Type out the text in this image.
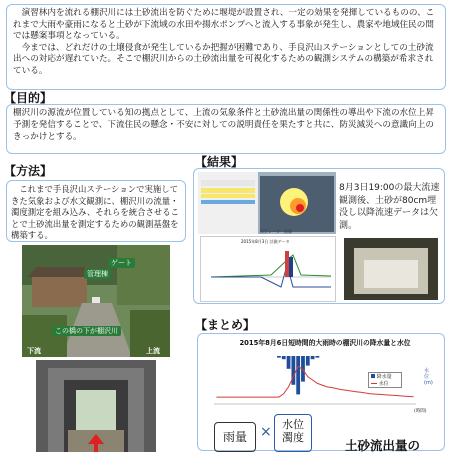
演習林内を流れる棚沢川には土砂流出を防ぐために堰堤が設置され、一定の効果を発揮しているものの、これまで大雨や豪雨になると土砂が下流域の水田や揚水ポンプへと流入する事象が発生し、農家や地域住民の間では懸案事項となっている。

今までは、どれだけの土壌侵食が発生しているか把握が困難であり、手良沢山ステーションとしての土砂流出への対応が遅れていた。そこで棚沢川からの土砂流出量を可視化するための観測システムの構築が希求されている。

【目的】
棚沢川の源流が位置している知の拠点として、上流の気象条件と土砂流出量の関係性の導出や下流の水位上昇予測を発信することで、下流住民の懸念・不安に対しての説明責任を果たすと共に、防災減災への意識向上のきっかけとする。
【方法】
これまで手良沢山ステーションで実施してきた気象および水文観測に、棚沢川の流量・濁度測定を組み込み、それらを統合させることで土砂流出量を測定するための観測基盤を構築する。
ゲート
管理棟
この橋の下が棚沢川
下流	上流
【結果】
雨雲レーダー画像
8月3日19:00の最大流速観測後、土砂が80cm埋没し以降流速データは欠測。
2015年8月3日 計測データ
【まとめ】
2015年8月6日短時間的大雨時の棚沢川の降水量と水位
降水量
水位
水位(m)
(時間)
雨量 × 水位
濁度
土砂流出量の
